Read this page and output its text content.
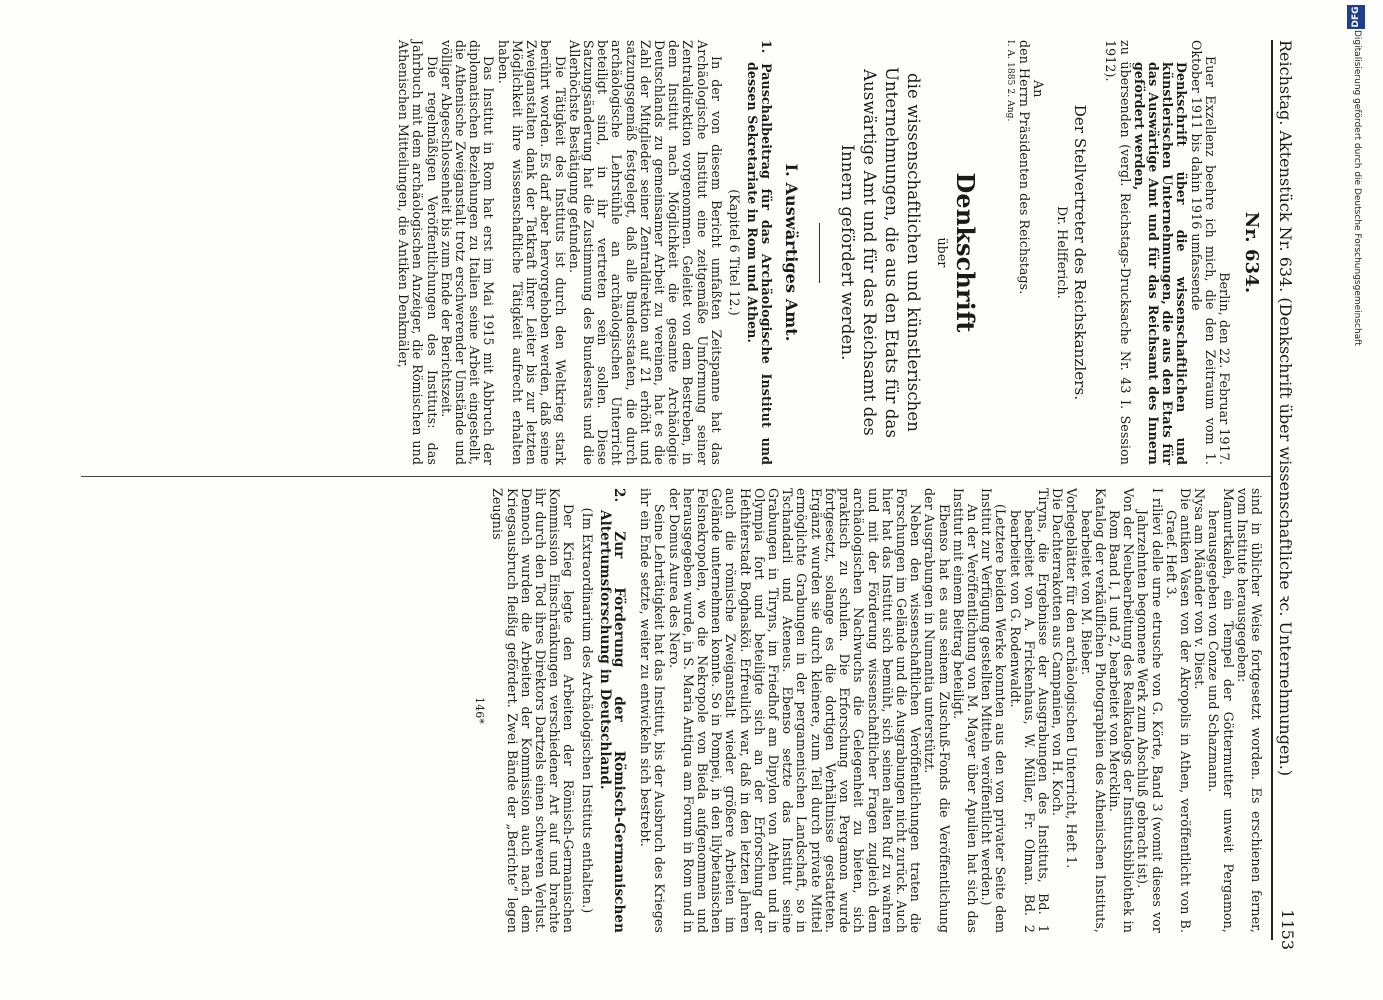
Reichstag. Aktenstück Nr. 634. (Denkschrift über wissenschaftliche ꝛc. Unternehmungen.)
1153

Nr. 634.

Berlin, den 22. Februar 1917.

Euer Exzellenz beehre ich mich, die den Zeitraum vom 1. Oktober 1911 bis dahin 1916 umfassende

Denkschrift über die wissenschaftlichen und künstlerischen Unternehmungen, die aus den Etats für das Auswärtige Amt und für das Reichsamt des Innern gefördert werden,

zu übersenden (vergl. Reichstags-Drucksache Nr. 43 I. Session 1912).

Der Stellvertreter des Reichskanzlers.

Dr. Helfferich.

An

den Herrn Präsidenten des Reichstags.

I. A. 1885 2. Ang.

Denkschrift

über

die wissenschaftlichen und künstlerischen Unternehmungen, die aus den Etats für das Auswärtige Amt und für das Reichsamt des Innern gefördert werden.

I. Auswärtiges Amt.

1. Pauschalbeitrag für das Archäologische Institut und dessen Sekretariate in Rom und Athen.

(Kapitel 6 Titel 12.)

In der von diesem Bericht umfaßten Zeitspanne hat das Archäologische Institut eine zeitgemäße Umformung seiner Zentraldirektion vorgenommen. Geleitet von dem Bestreben, in dem Institut nach Möglichkeit die gesamte Archäologie Deutschlands zu gemeinsamer Arbeit zu vereinen, hat es die Zahl der Mitglieder seiner Zentraldirektion auf 21 erhöht und satzungsgemäß festgelegt, daß alle Bundesstaaten, die durch archäologische Lehrstühle an archäologischen Unterricht beteiligt sind, in ihr vertreten sein sollen. Diese Satzungsänderung hat die Zustimmung des Bundesrats und die Allerhöchste Bestätigung gefunden.

Die Tätigkeit des Instituts ist durch den Weltkrieg stark berührt worden. Es darf aber hervorgehoben werden, daß seine Zweiganstalten dank der Tatkraft ihrer Leiter bis zur letzten Möglichkeit ihre wissenschaftliche Tätigkeit aufrecht erhalten haben.

Das Institut in Rom hat erst im Mai 1915 mit Abbruch der diplomatischen Beziehungen zu Italien seine Arbeit eingestellt, die Athenische Zweiganstalt trotz erschwerender Umstände und völliger Abgeschlossenheit bis zum Ende der Berichtszeit.

Die regelmäßigen Veröffentlichungen des Instituts: das Jahrbuch mit dem archäologischen Anzeiger, die Römischen und Athenischen Mitteilungen, die Antiken Denkmäler,

sind in üblicher Weise fortgesetzt worden. Es erschienen ferner, vom Institute herausgegeben:

Mamurtkaleh, ein Tempel der Göttermutter unweit Pergamon, herausgegeben von Conze und Schazmann.

Nysa am Mäander von v. Diest.

Die antiken Vasen von der Akropolis in Athen, veröffentlicht von B. Graef. Heft 3.

I rilievi delle urne etrusche von G. Körte, Band 3 (womit dieses vor Jahrzehnten begonnene Werk zum Abschluß gebracht ist).

Von der Neubearbeitung des Realkatalogs der Institutsbibliothek in Rom Band I, 1 und 2, bearbeitet von Mercklin.

Katalog der verkäuflichen Photographien des Athenischen Instituts, bearbeitet von M. Bieber.

Vorlegeblätter für den archäologischen Unterricht, Heft 1.

Die Dachterrakotten aus Campanien, von H. Koch.

Tiryns, die Ergebnisse der Ausgrabungen des Instituts, Bd. 1 bearbeitet von A. Frickenhaus, W. Müller, Fr. Olman. Bd. 2 bearbeitet von G. Rodenwaldt.

(Letztere beiden Werke konnten aus den von privater Seite dem Institut zur Verfügung gestellten Mitteln veröffentlicht werden.)

An der Veröffentlichung von M. Mayer über Apulien hat sich das Institut mit einem Beitrag beteiligt.

Ebenso hat es aus seinem Zuschuß-Fonds die Veröffentlichung der Ausgrabungen in Numantia unterstützt.

Neben den wissenschaftlichen Veröffentlichungen traten die Forschungen im Gelände und die Ausgrabungen nicht zurück. Auch hier hat das Institut sich bemüht, sich seinen alten Ruf zu wahren und mit der Förderung wissenschaftlicher Fragen zugleich dem archäologischen Nachwuchs die Gelegenheit zu bieten, sich praktisch zu schulen. Die Erforschung von Pergamon wurde fortgesetzt, solange es die dortigen Verhältnisse gestatteten. Ergänzt wurden sie durch kleinere, zum Teil durch private Mittel ermöglichte Grabungen in der pergamenischen Landschaft, so in Tschandarli und Ateneus. Ebenso setzte das Institut seine Grabungen in Tiryns, im Friedhof am Dipylon von Athen und in Olympia fort und beteiligte sich an der Erforschung der Hethiterstadt Boghasköi. Erfreulich war, daß in den letzten Jahren auch die römische Zweiganstalt wieder größere Arbeiten im Gelände unternehmen konnte. So in Pompei, in den lilybetanischen Felsnekropolen, wo die Nekropole von Bieda aufgenommen und herausgegeben wurde, in S. Maria Antiqua am Forum in Rom und in der Domus Aurea des Nero.

Seine Lehrtätigkeit hat das Institut, bis der Ausbruch des Krieges ihr ein Ende setzte, weiter zu entwickeln sich bestrebt.

2. Zur Förderung der Römisch-Germanischen Altertumsforschung in Deutschland.

(Im Extraordinarium des Archäologischen Instituts enthalten.)

Der Krieg legte den Arbeiten der Römisch-Germanischen Kommission Einschränkungen verschiedener Art auf und brachte ihr durch den Tod ihres Direktors Dartzels einen schweren Verlust. Dennoch wurden die Arbeiten der Kommission auch nach dem Kriegsausbruch fleißig gefördert. Zwei Bände der „Berichte“ legen Zeugnis

146*

DFG
Digitalisierung gefördert durch die Deutsche Forschungsgemeinschaft
